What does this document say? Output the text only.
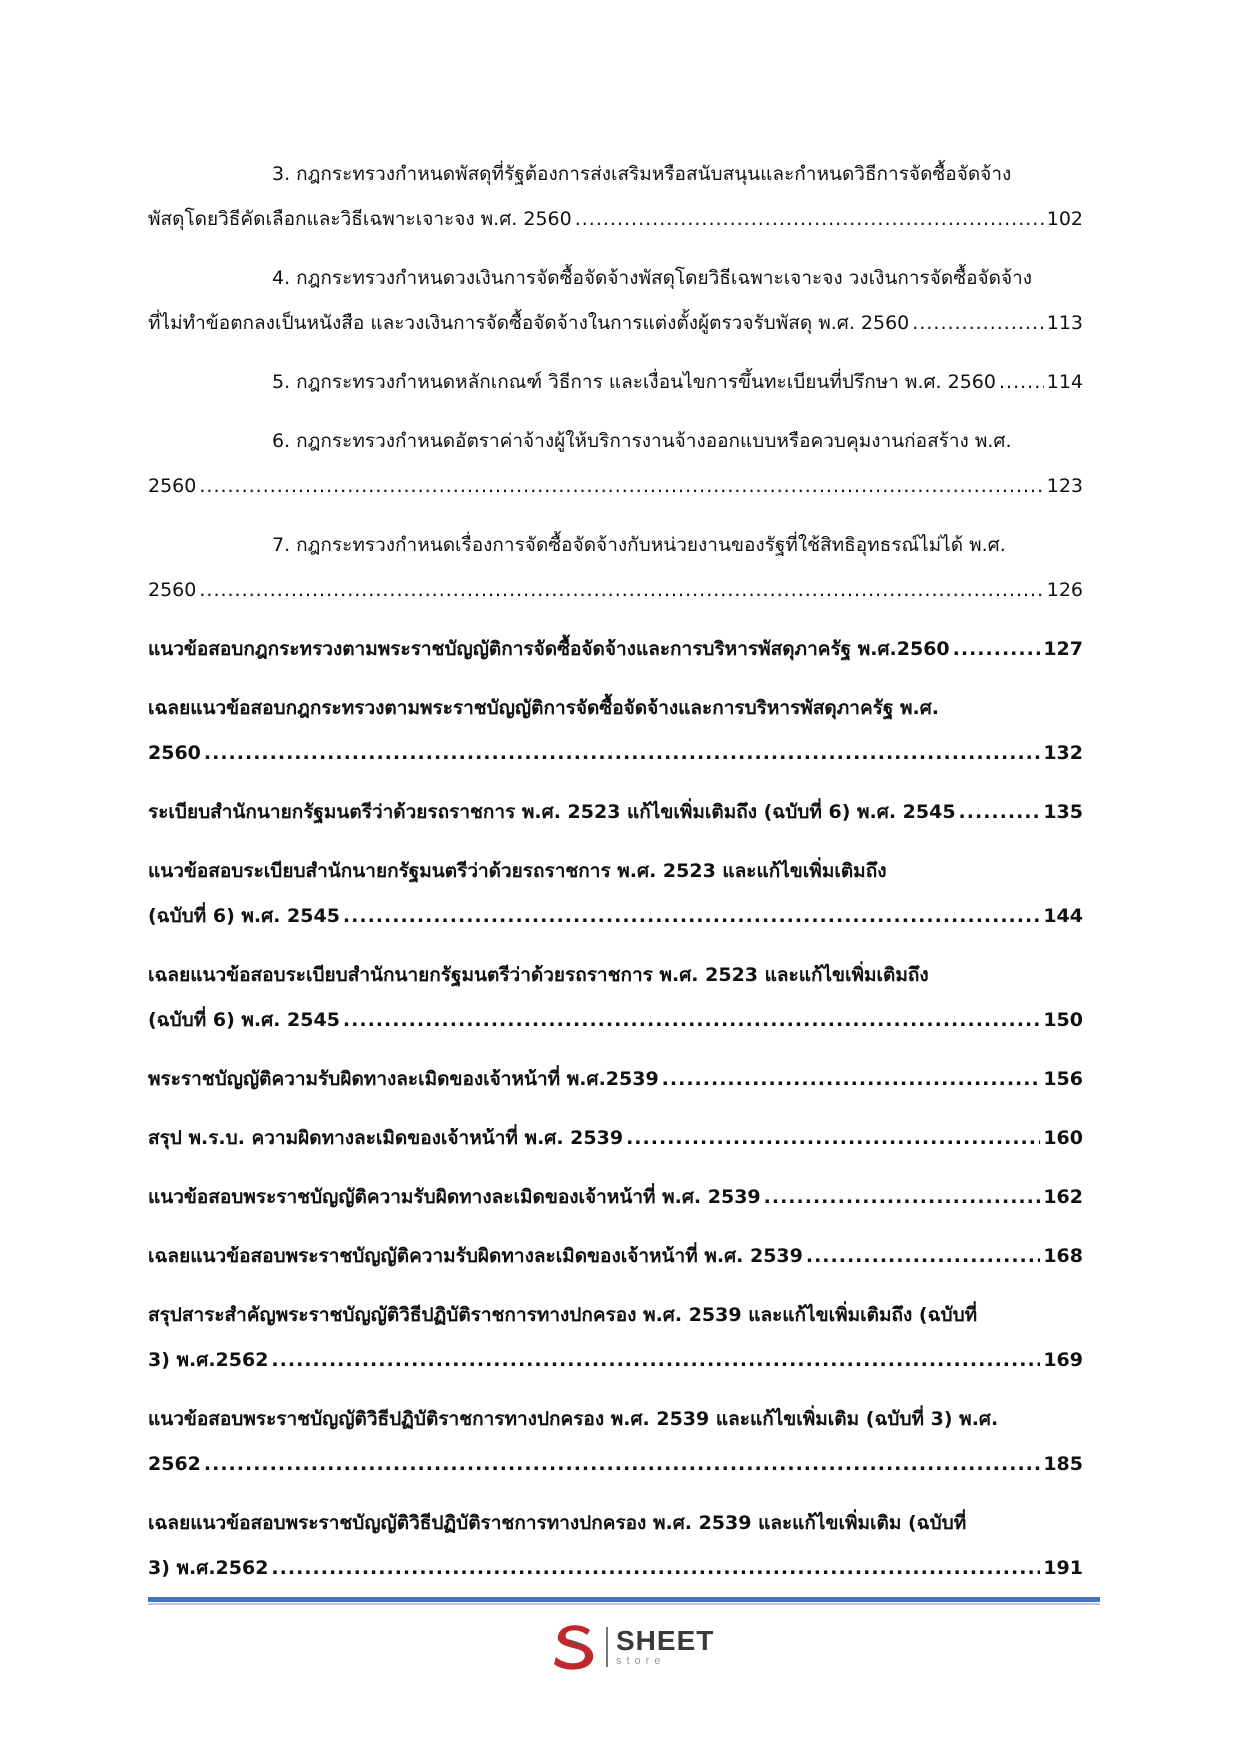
3. กฎกระทรวงกำหนดพัสดุที่รัฐต้องการส่งเสริมหรือสนับสนุนและกำหนดวิธีการจัดซื้อจัดจ้าง
พัสดุโดยวิธีคัดเลือกและวิธีเฉพาะเจาะจง พ.ศ. 2560 .....	102
4. กฎกระทรวงกำหนดวงเงินการจัดซื้อจัดจ้างพัสดุโดยวิธีเฉพาะเจาะจง วงเงินการจัดซื้อจัดจ้าง
ที่ไม่ทำข้อตกลงเป็นหนังสือ และวงเงินการจัดซื้อจัดจ้างในการแต่งตั้งผู้ตรวจรับพัสดุ พ.ศ. 2560 .....	113
5. กฎกระทรวงกำหนดหลักเกณฑ์ วิธีการ และเงื่อนไขการขึ้นทะเบียนที่ปรึกษา พ.ศ. 2560 .....	114
6. กฎกระทรวงกำหนดอัตราค่าจ้างผู้ให้บริการงานจ้างออกแบบหรือควบคุมงานก่อสร้าง พ.ศ.
2560 .....	123
7. กฎกระทรวงกำหนดเรื่องการจัดซื้อจัดจ้างกับหน่วยงานของรัฐที่ใช้สิทธิอุทธรณ์ไม่ได้ พ.ศ.
2560 .....	126
แนวข้อสอบกฎกระทรวงตามพระราชบัญญัติการจัดซื้อจัดจ้างและการบริหารพัสดุภาครัฐ พ.ศ.2560 .....	127
เฉลยแนวข้อสอบกฎกระทรวงตามพระราชบัญญัติการจัดซื้อจัดจ้างและการบริหารพัสดุภาครัฐ พ.ศ.
2560 .....	132
ระเบียบสำนักนายกรัฐมนตรีว่าด้วยรถราชการ พ.ศ. 2523 แก้ไขเพิ่มเติมถึง (ฉบับที่ 6) พ.ศ. 2545 .....	135
แนวข้อสอบระเบียบสำนักนายกรัฐมนตรีว่าด้วยรถราชการ พ.ศ. 2523 และแก้ไขเพิ่มเติมถึง
(ฉบับที่ 6) พ.ศ. 2545 .....	144
เฉลยแนวข้อสอบระเบียบสำนักนายกรัฐมนตรีว่าด้วยรถราชการ พ.ศ. 2523 และแก้ไขเพิ่มเติมถึง
(ฉบับที่ 6) พ.ศ. 2545 .....	150
พระราชบัญญัติความรับผิดทางละเมิดของเจ้าหน้าที่ พ.ศ.2539 .....	156
สรุป พ.ร.บ. ความผิดทางละเมิดของเจ้าหน้าที่ พ.ศ. 2539 .....	160
แนวข้อสอบพระราชบัญญัติความรับผิดทางละเมิดของเจ้าหน้าที่ พ.ศ. 2539 .....	162
เฉลยแนวข้อสอบพระราชบัญญัติความรับผิดทางละเมิดของเจ้าหน้าที่ พ.ศ. 2539 .....	168
สรุปสาระสำคัญพระราชบัญญัติวิธีปฏิบัติราชการทางปกครอง พ.ศ. 2539 และแก้ไขเพิ่มเติมถึง (ฉบับที่
3) พ.ศ.2562 .....	169
แนวข้อสอบพระราชบัญญัติวิธีปฏิบัติราชการทางปกครอง พ.ศ. 2539 และแก้ไขเพิ่มเติม (ฉบับที่ 3) พ.ศ.
2562 .....	185
เฉลยแนวข้อสอบพระราชบัญญัติวิธีปฏิบัติราชการทางปกครอง พ.ศ. 2539 และแก้ไขเพิ่มเติม (ฉบับที่
3) พ.ศ.2562 .....	191
SHEET
store
